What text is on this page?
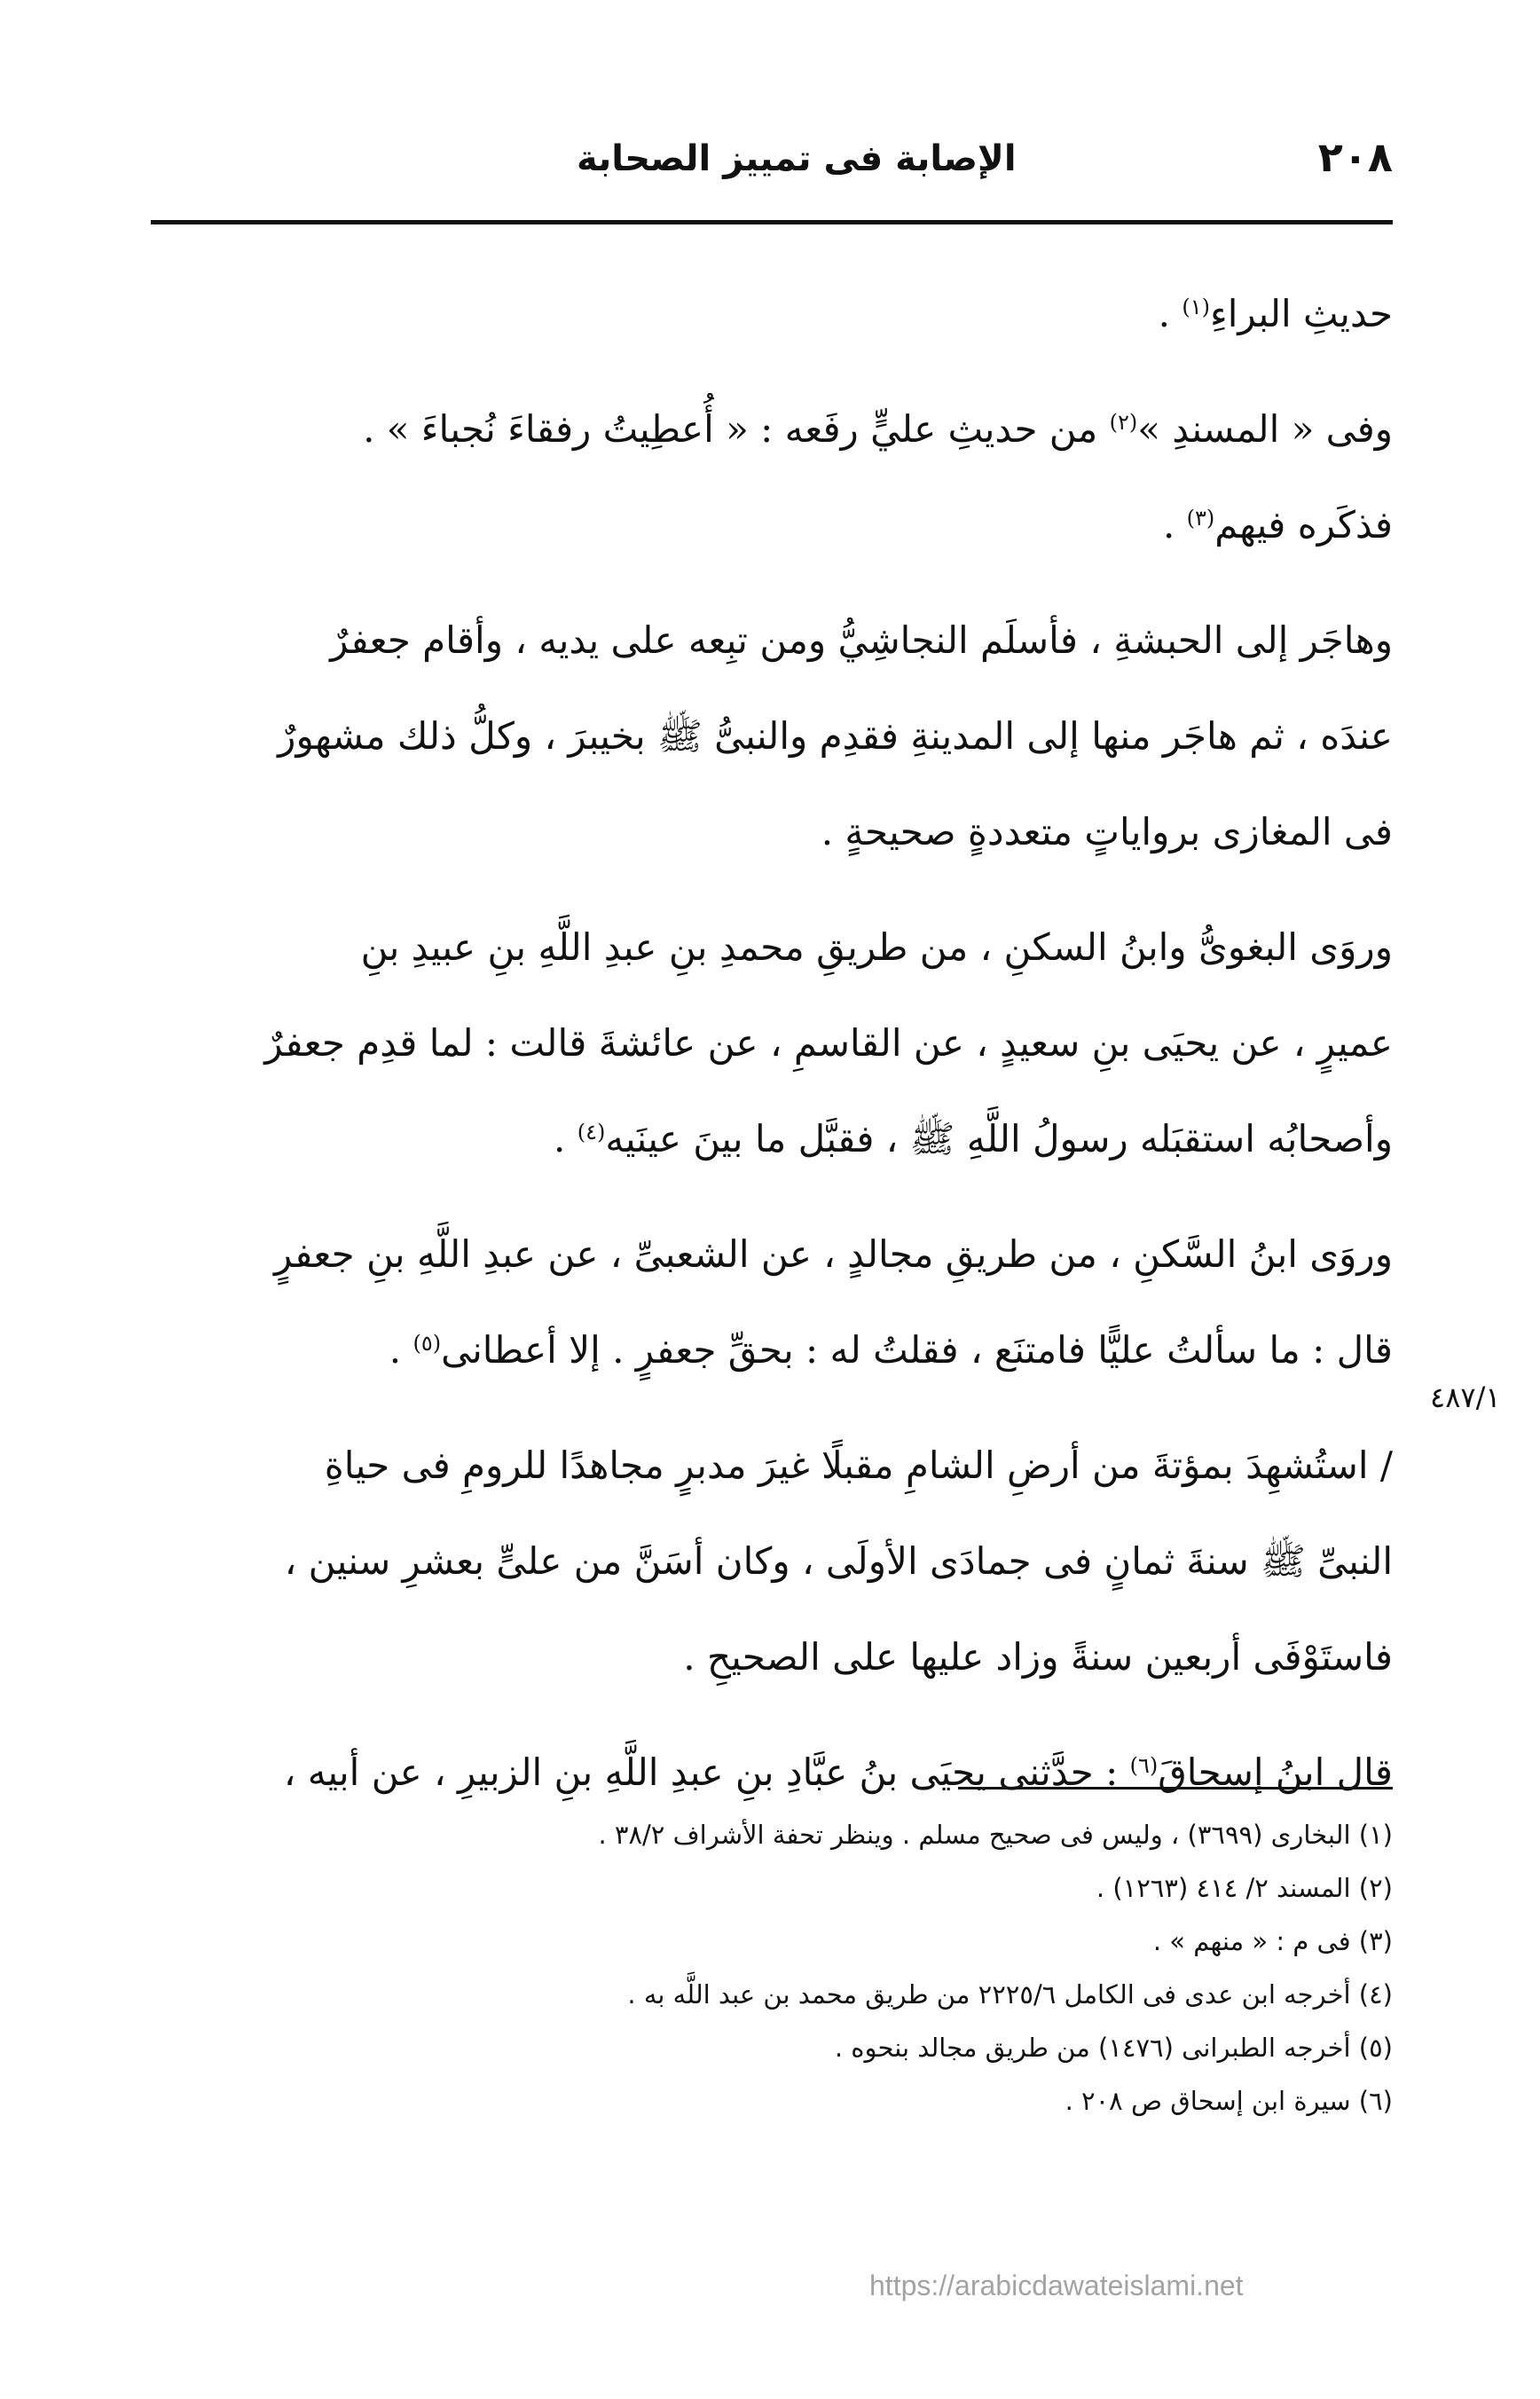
٢٠٨
الإصابة فى تمييز الصحابة

حديثِ البراءِ$^{(١)}$ .

وفى « المسندِ »$^{(٢)}$ من حديثِ عليٍّ رفَعه : « أُعطِيتُ رفقاءَ نُجباءَ » .
فذكَره فيهم$^{(٣)}$ .

وهاجَر إلى الحبشةِ ، فأسلَم النجاشِيُّ ومن تبِعه على يديه ، وأقام جعفرٌ
عندَه ، ثم هاجَر منها إلى المدينةِ فقدِم والنبىُّ ﷺ بخيبرَ ، وكلُّ ذلك مشهورٌ
فى المغازى برواياتٍ متعددةٍ صحيحةٍ .

وروَى البغوىُّ وابنُ السكنِ ، من طريقِ محمدِ بنِ عبدِ اللَّهِ بنِ عبيدِ بنِ
عميرٍ ، عن يحيَى بنِ سعيدٍ ، عن القاسمِ ، عن عائشةَ قالت : لما قدِم جعفرٌ
وأصحابُه استقبَله رسولُ اللَّهِ ﷺ ، فقبَّل ما بينَ عينَيه$^{(٤)}$ .

وروَى ابنُ السَّكنِ ، من طريقِ مجالدٍ ، عن الشعبىِّ ، عن عبدِ اللَّهِ بنِ جعفرٍ
قال : ما سألتُ عليًّا فامتنَع ، فقلتُ له : بحقِّ جعفرٍ . إلا أعطانى$^{(٥)}$ .

/ استُشهِدَ بمؤتةَ من أرضِ الشامِ مقبلًا غيرَ مدبرٍ مجاهدًا للرومِ فى حياةِ
النبىِّ ﷺ سنةَ ثمانٍ فى جمادَى الأولَى ، وكان أسَنَّ من علىٍّ بعشرِ سنين ،
فاستَوْفَى أربعين سنةً وزاد عليها على الصحيحِ .

قال ابنُ إسحاقَ$^{(٦)}$ : حدَّثنى يحيَى بنُ عبَّادِ بنِ عبدِ اللَّهِ بنِ الزبيرِ ، عن أبيه ،

٤٨٧/١
(١) البخارى (٣٦٩٩) ، وليس فى صحيح مسلم . وينظر تحفة الأشراف ٣٨/٢ .
(٢) المسند ٢/ ٤١٤ (١٢٦٣) .
(٣) فى م : « منهم » .
(٤) أخرجه ابن عدى فى الكامل ٢٢٢٥/٦ من طريق محمد بن عبد اللَّه به .
(٥) أخرجه الطبرانى (١٤٧٦) من طريق مجالد بنحوه .
(٦) سيرة ابن إسحاق ص ٢٠٨ .
https://arabicdawateislami.net
